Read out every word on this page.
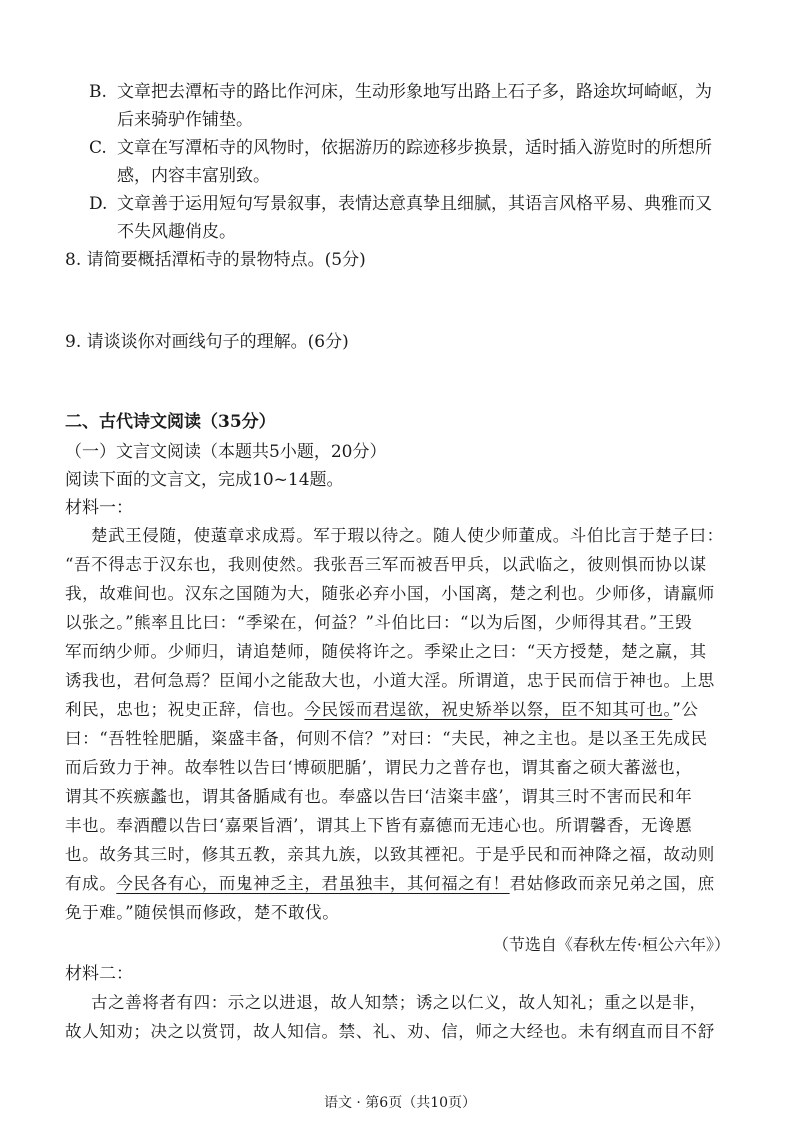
B. 文章把去潭柘寺的路比作河床，生动形象地写出路上石子多，路途坎坷崎岖，为
后来骑驴作铺垫。
C. 文章在写潭柘寺的风物时，依据游历的踪迹移步换景，适时插入游览时的所想所
感，内容丰富别致。
D. 文章善于运用短句写景叙事，表情达意真挚且细腻，其语言风格平易、典雅而又
不失风趣俏皮。
8. 请简要概括潭柘寺的景物特点。(5分)
9. 请谈谈你对画线句子的理解。(6分)
二、古代诗文阅读（35分）
（一）文言文阅读（本题共5小题，20分）
阅读下面的文言文，完成10~14题。
材料一：
楚武王侵随，使薳章求成焉。军于瑕以待之。随人使少师董成。斗伯比言于楚子曰：
“吾不得志于汉东也，我则使然。我张吾三军而被吾甲兵，以武临之，彼则惧而协以谋
我，故难间也。汉东之国随为大，随张必弃小国，小国离，楚之利也。少师侈，请羸师
以张之。”熊率且比曰：“季梁在，何益？”斗伯比曰：“以为后图，少师得其君。”王毁
军而纳少师。少师归，请追楚师，随侯将许之。季梁止之曰：“天方授楚，楚之羸，其
诱我也，君何急焉？臣闻小之能敌大也，小道大淫。所谓道，忠于民而信于神也。上思
利民，忠也；祝史正辞，信也。今民馁而君逞欲，祝史矫举以祭，臣不知其可也。”公
曰：“吾牲牷肥腯，粢盛丰备，何则不信？”对曰：“夫民，神之主也。是以圣王先成民
而后致力于神。故奉牲以告曰‘博硕肥腯’，谓民力之普存也，谓其畜之硕大蕃滋也，
谓其不疾瘯蠡也，谓其备腯咸有也。奉盛以告曰‘洁粢丰盛’，谓其三时不害而民和年
丰也。奉酒醴以告曰‘嘉栗旨酒’，谓其上下皆有嘉德而无违心也。所谓馨香，无谗慝
也。故务其三时，修其五教，亲其九族，以致其禋祀。于是乎民和而神降之福，故动则
有成。今民各有心，而鬼神乏主，君虽独丰，其何福之有！君姑修政而亲兄弟之国，庶
免于难。”随侯惧而修政，楚不敢伐。
（节选自《春秋左传·桓公六年》）
材料二：
古之善将者有四：示之以进退，故人知禁；诱之以仁义，故人知礼；重之以是非，
故人知劝；决之以赏罚，故人知信。禁、礼、劝、信，师之大经也。未有纲直而目不舒
语文 · 第6页（共10页）
